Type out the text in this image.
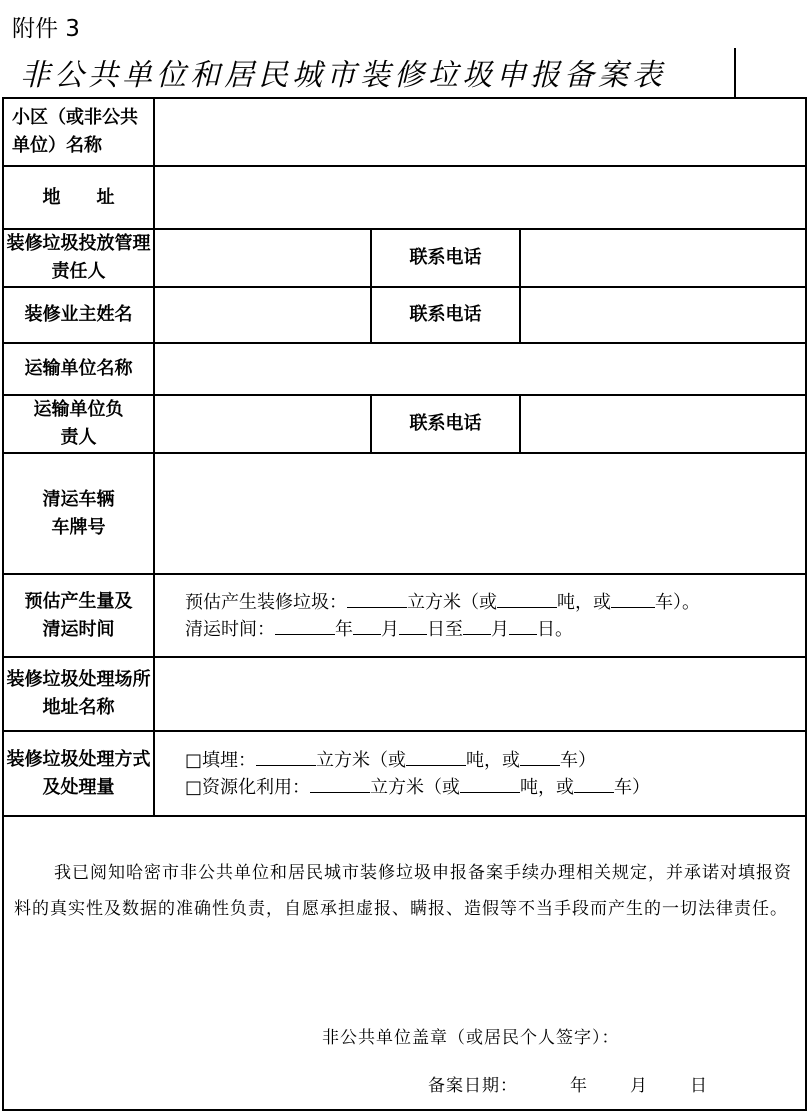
附件 3
非公共单位和居民城市装修垃圾申报备案表
小区（或非公共单位）名称			
地　　址			
装修垃圾投放管理责任人		联系电话	
装修业主姓名		联系电话	
运输单位名称			
运输单位负责人		联系电话	
清运车辆车牌号			
预估产生量及清运时间	预估产生装修垃圾： 立方米（或 吨，或 车）。
清运时间： 年 月 日至 月 日。		

装修垃圾处理场所地址名称			
装修垃圾处理方式及处理量	□填埋： 立方米（或 吨，或 车）
□资源化利用： 立方米（或 吨，或 车）		

我已阅知哈密市非公共单位和居民城市装修垃圾申报备案手续办理相关规定，并承诺对填报资料的真实性及数据的准确性负责，自愿承担虚报、瞒报、造假等不当手段而产生的一切法律责任。
非公共单位盖章（或居民个人签字）：
备案日期： 年 月 日			
